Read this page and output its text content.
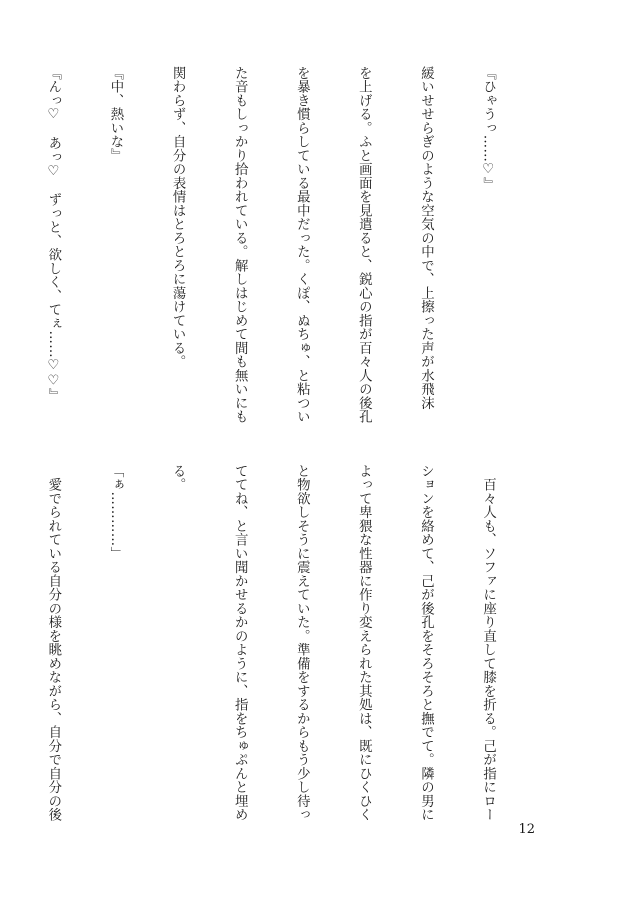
『ひゃうっ……♡』

緩いせせらぎのような空気の中で、上擦った声が水飛沫

を上げる。ふと画面を見遣ると、鋭心の指が百々人の後孔

を暴き慣らしている最中だった。くぽ、ぬちゅ、と粘つい

た音もしっかり拾われている。解しはじめて間も無いにも

関わらず、自分の表情はとろとろに蕩けている。

『中、熱いな』

『んっ♡　あっ♡　ずっと、欲しく、てぇ……♡♡』

　百々人も、ソファに座り直して膝を折る。己が指にロー

ションを絡めて、己が後孔をそろそろと撫でて。隣の男に

よって卑猥な性器に作り変えられた其処は、既にひくひく

と物欲しそうに震えていた。準備をするからもう少し待っ

ててね、と言い聞かせるかのように、指をちゅぷんと埋め

る。

「ぁ…………」

　愛でられている自分の様を眺めながら、自分で自分の後

12
